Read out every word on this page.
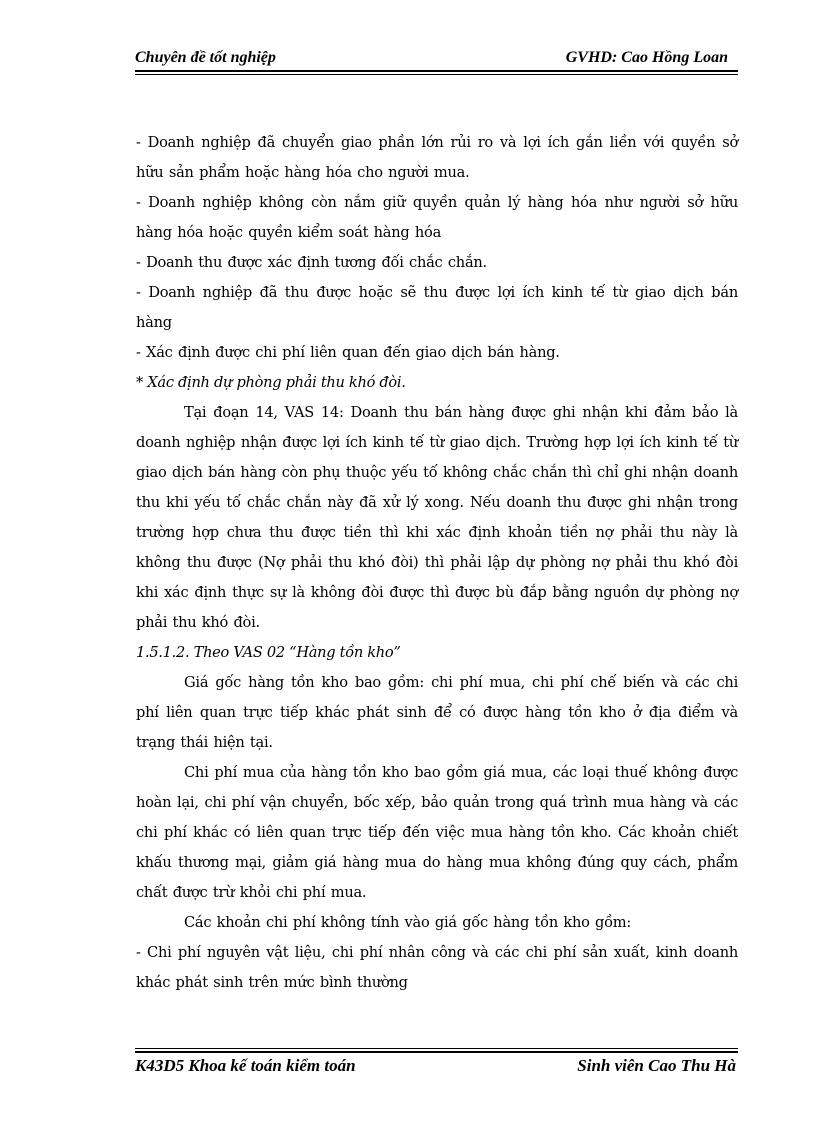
Chuyên đề tốt nghiệp	GVHD: Cao Hồng Loan

- Doanh nghiệp đã chuyển giao phần lớn rủi ro và lợi ích gắn liền với quyền sở hữu sản phẩm hoặc hàng hóa cho người mua.

- Doanh nghiệp không còn nắm giữ quyền quản lý hàng hóa như người sở hữu hàng hóa hoặc quyền kiểm soát hàng hóa

- Doanh thu được xác định tương đối chắc chắn.

- Doanh nghiệp đã thu được hoặc sẽ thu được lợi ích kinh tế từ giao dịch bán hàng

- Xác định được chi phí liên quan đến giao dịch bán hàng.

* Xác định dự phòng phải thu khó đòi.

Tại đoạn 14, VAS 14: Doanh thu bán hàng được ghi nhận khi đảm bảo là doanh nghiệp nhận được lợi ích kinh tế từ giao dịch. Trường hợp lợi ích kinh tế từ giao dịch bán hàng còn phụ thuộc yếu tố không chắc chắn thì chỉ ghi nhận doanh thu khi yếu tố chắc chắn này đã xử lý xong. Nếu doanh thu được ghi nhận trong trường hợp chưa thu được tiền thì khi xác định khoản tiền nợ phải thu này là không thu được (Nợ phải thu khó đòi) thì phải lập dự phòng nợ phải thu khó đòi khi xác định thực sự là không đòi được thì được bù đắp bằng nguồn dự phòng nợ phải thu khó đòi.

1.5.1.2. Theo VAS 02 “Hàng tồn kho”

Giá gốc hàng tồn kho bao gồm: chi phí mua, chi phí chế biến và các chi phí liên quan trực tiếp khác phát sinh để có được hàng tồn kho ở địa điểm và trạng thái hiện tại.

Chi phí mua của hàng tồn kho bao gồm giá mua, các loại thuế không được hoàn lại, chi phí vận chuyển, bốc xếp, bảo quản trong quá trình mua hàng và các chi phí khác có liên quan trực tiếp đến việc mua hàng tồn kho. Các khoản chiết khấu thương mại, giảm giá hàng mua do hàng mua không đúng quy cách, phẩm chất được trừ khỏi chi phí mua.

Các khoản chi phí không tính vào giá gốc hàng tồn kho gồm:

- Chi phí nguyên vật liệu, chi phí nhân công và các chi phí sản xuất, kinh doanh khác phát sinh trên mức bình thường

K43D5 Khoa kế toán kiểm toán	Sinh viên Cao Thu Hà
